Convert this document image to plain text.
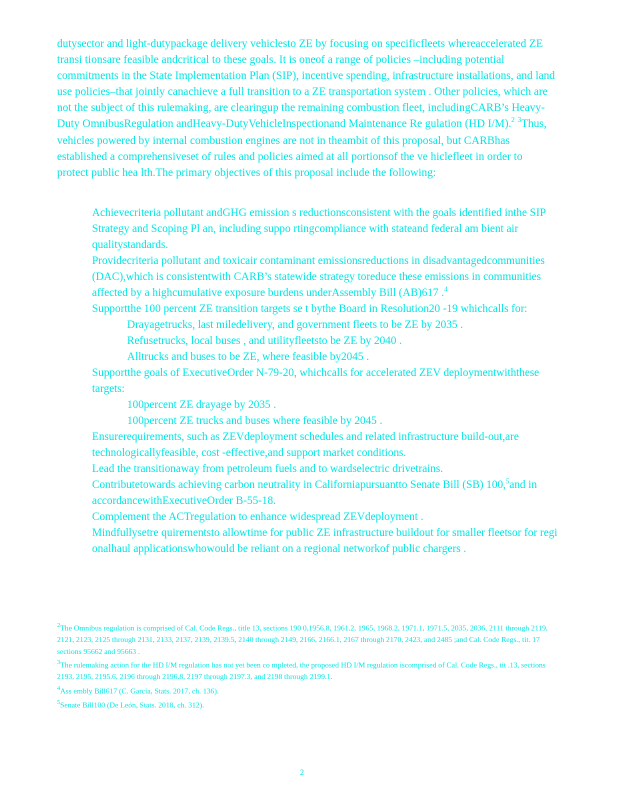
dutysector and light-dutypackage delivery vehiclesto ZE by focusing on specificfleets whereaccelerated ZE transi tionsare feasible andcritical to these goals. It is oneof a range of policies –including potential commitments in the State Implementation Plan (SIP), incentive spending, infrastructure installations, and land use policies–that jointly canachieve a full transition to a ZE transportation system . Other policies, which are not the subject of this rulemaking, are clearingup the remaining combustion fleet, includingCARB’s Heavy-Duty OmnibusRegulation andHeavy-DutyVehicleInspectionand Maintenance Re gulation (HD I/M).$^2$ $^3$Thus, vehicles powered by internal combustion engines are not in theambit of this proposal, but CARBhas established a comprehensiveset of rules and policies aimed at all portionsof the ve hiclefleet in order to protect public hea lth.The primary objectives of this proposal include the following:

Achievecriteria pollutant andGHG emission s reductionsconsistent with the goals identified inthe SIP Strategy and Scoping Pl an, including suppo rtingcompliance with stateand federal am bient air qualitystandards.
Providecriteria pollutant and toxicair contaminant emissionsreductions in disadvantagedcommunities (DAC),which is consistentwith CARB’s statewide strategy toreduce these emissions in communities affected by a highcumulative exposure burdens underAssembly Bill (AB)617 .$^4$
Supportthe 100 percent ZE transition targets se t bythe Board in Resolution20 -19 whichcalls for:
Drayagetrucks, last miledelivery, and government fleets to be ZE by 2035 .
Refusetrucks, local buses , and utilityfleetsto be ZE by 2040 .
Alltrucks and buses to be ZE, where feasible by2045 .
Supportthe goals of ExecutiveOrder N-79-20, whichcalls for accelerated ZEV deploymentwiththese targets:
100percent ZE drayage by 2035 .
100percent ZE trucks and buses where feasible by 2045 .
Ensurerequirements, such as ZEVdeployment schedules and related infrastructure build-out,are technologicallyfeasible, cost -effective,and support market conditions.
Lead the transitionaway from petroleum fuels and to wardselectric drivetrains.
Contributetowards achieving carbon neutrality in Californiapursuantto Senate Bill (SB) 100,$^5$and in accordancewithExecutiveOrder B-55-18.
Complement the ACTregulation to enhance widespread ZEVdeployment .
Mindfullysetre quirementsto allowtime for public ZE infrastructure buildout for smaller fleetsor for regi onalhaul applicationswhowould be reliant on a regional networkof public chargers .

$^2$The Omnibus regulation is comprised of Cal. Code Regs., title 13, sections 190 0,1956.8, 1961.2, 1965, 1968.2, 1971.1, 1971.5, 2035, 2036, 2111 through 2119, 2121, 2123, 2125 through 2131, 2133, 2137, 2139, 2139.5, 2140 through 2149, 2166, 2166.1, 2167 through 2170, 2423, and 2485 ;and Cal. Code Regs., tit. 17 sections 95662 and 95663 .

$^3$The rulemaking action for the HD I/M regulation has not yet been co mpleted, the proposed HD I/M regulation iscomprised of Cal. Code Regs., tit .13, sections 2193, 2195, 2195.6, 2196 through 2196.8, 2197 through 2197.3, and 2198 through 2199.1.

$^4$Ass embly Bill617 (C. Garcia, Stats. 2017, ch. 136).

$^5$Senate Bill100 (De León, Stats. 2018, ch. 312).

2
